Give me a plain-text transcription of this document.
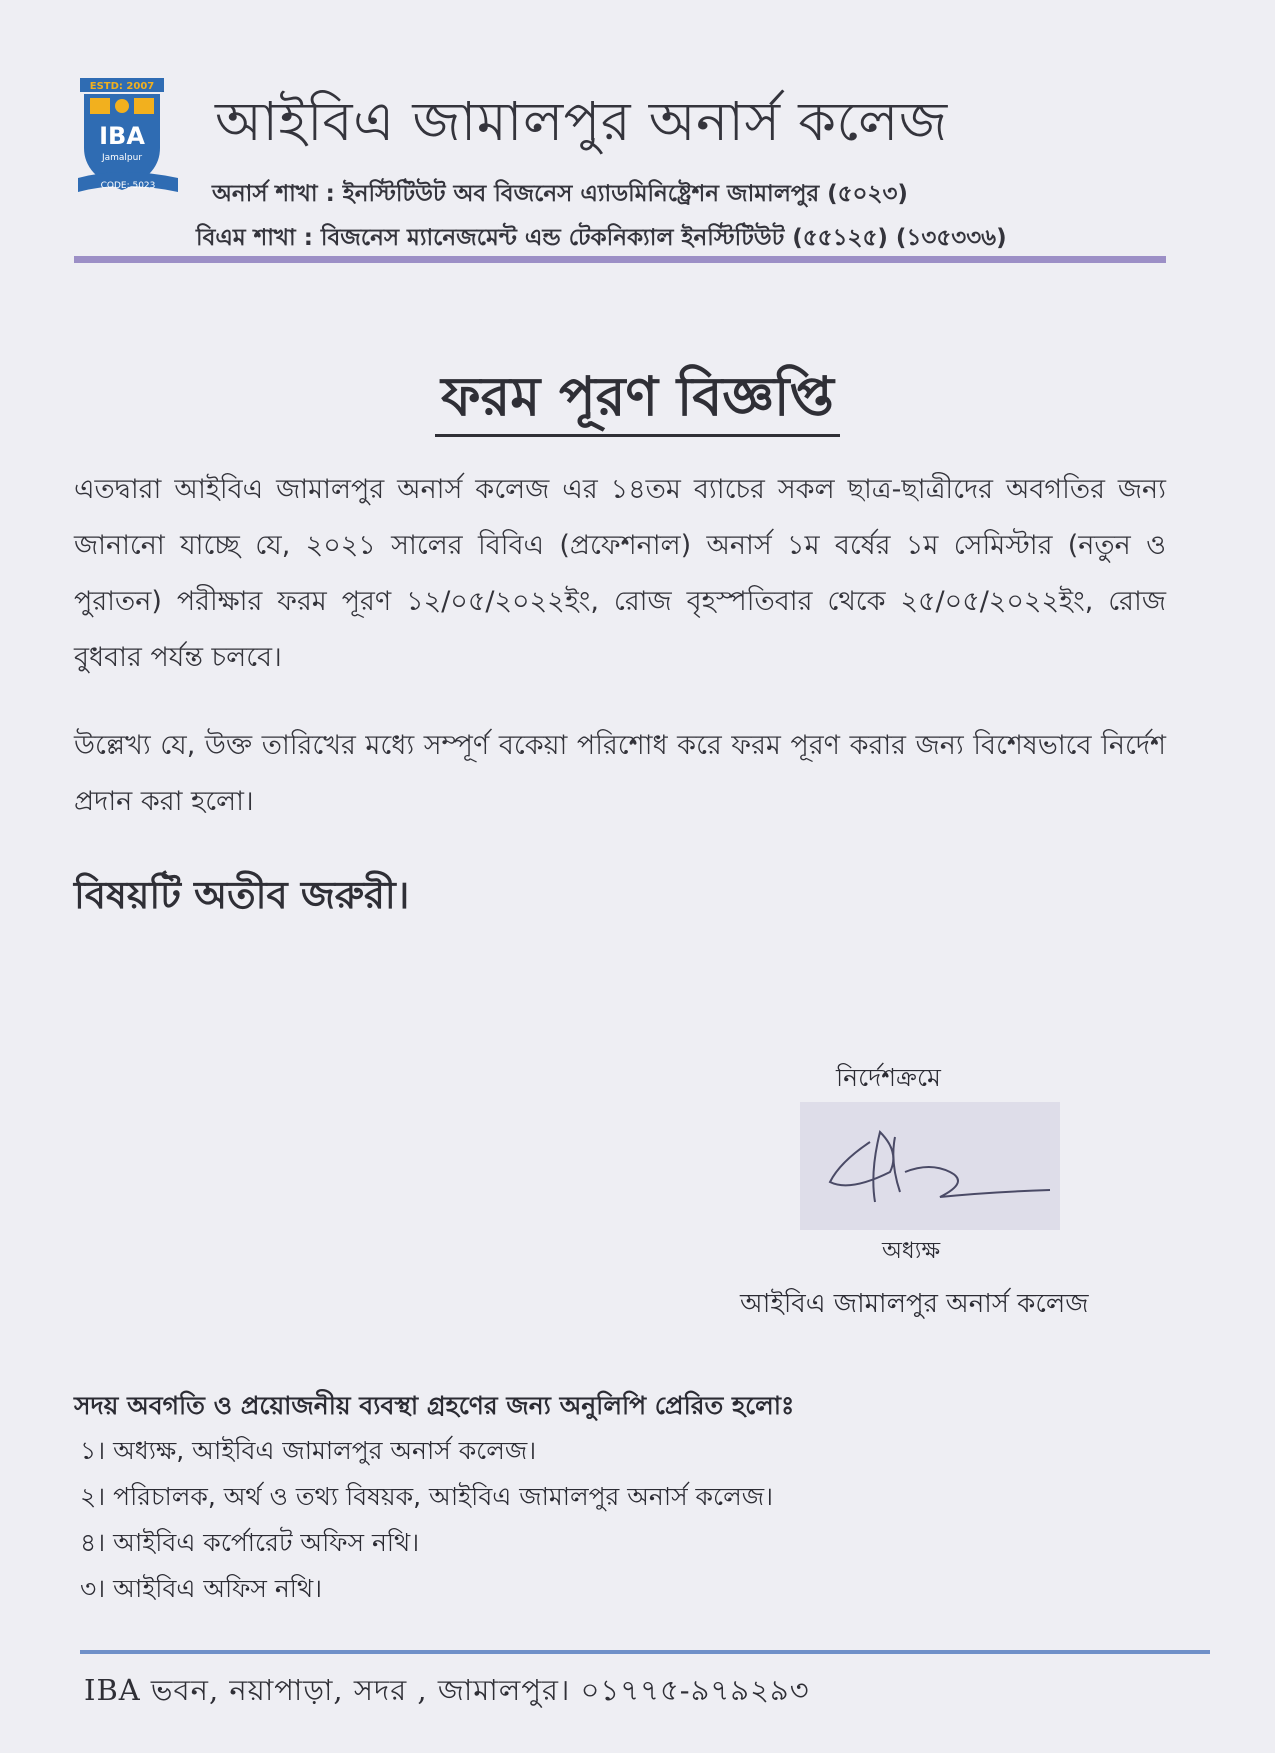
ESTD: 2007
IBA
Jamalpur
CODE: 5023
আইবিএ জামালপুর অনার্স কলেজ
অনার্স শাখা : ইনস্টিটিউট অব বিজনেস এ্যাডমিনিষ্ট্রেশন জামালপুর (৫০২৩)
বিএম শাখা : বিজনেস ম্যানেজমেন্ট এন্ড টেকনিক্যাল ইনস্টিটিউট (৫৫১২৫) (১৩৫৩৩৬)
ফরম পূরণ বিজ্ঞপ্তি
এতদ্বারা আইবিএ জামালপুর অনার্স কলেজ এর ১৪তম ব্যাচের সকল ছাত্র-ছাত্রীদের অবগতির জন্য জানানো যাচ্ছে যে, ২০২১ সালের বিবিএ (প্রফেশনাল) অনার্স ১ম বর্ষের ১ম সেমিস্টার (নতুন ও পুরাতন) পরীক্ষার ফরম পূরণ ১২/০৫/২০২২ইং, রোজ বৃহস্পতিবার থেকে ২৫/০৫/২০২২ইং, রোজ বুধবার পর্যন্ত চলবে।
উল্লেখ্য যে, উক্ত তারিখের মধ্যে সম্পূর্ণ বকেয়া পরিশোধ করে ফরম পূরণ করার জন্য বিশেষভাবে নির্দেশ প্রদান করা হলো।
বিষয়টি অতীব জরুরী।
নির্দেশক্রমে
অধ্যক্ষ
আইবিএ জামালপুর অনার্স কলেজ
সদয় অবগতি ও প্রয়োজনীয় ব্যবস্থা গ্রহণের জন্য অনুলিপি প্রেরিত হলোঃ
১। অধ্যক্ষ, আইবিএ জামালপুর অনার্স কলেজ।
২। পরিচালক, অর্থ ও তথ্য বিষয়ক, আইবিএ জামালপুর অনার্স কলেজ।
৪। আইবিএ কর্পোরেট অফিস নথি।
৩। আইবিএ অফিস নথি।
IBA ভবন, নয়াপাড়া, সদর , জামালপুর। ০১৭৭৫-৯৭৯২৯৩
